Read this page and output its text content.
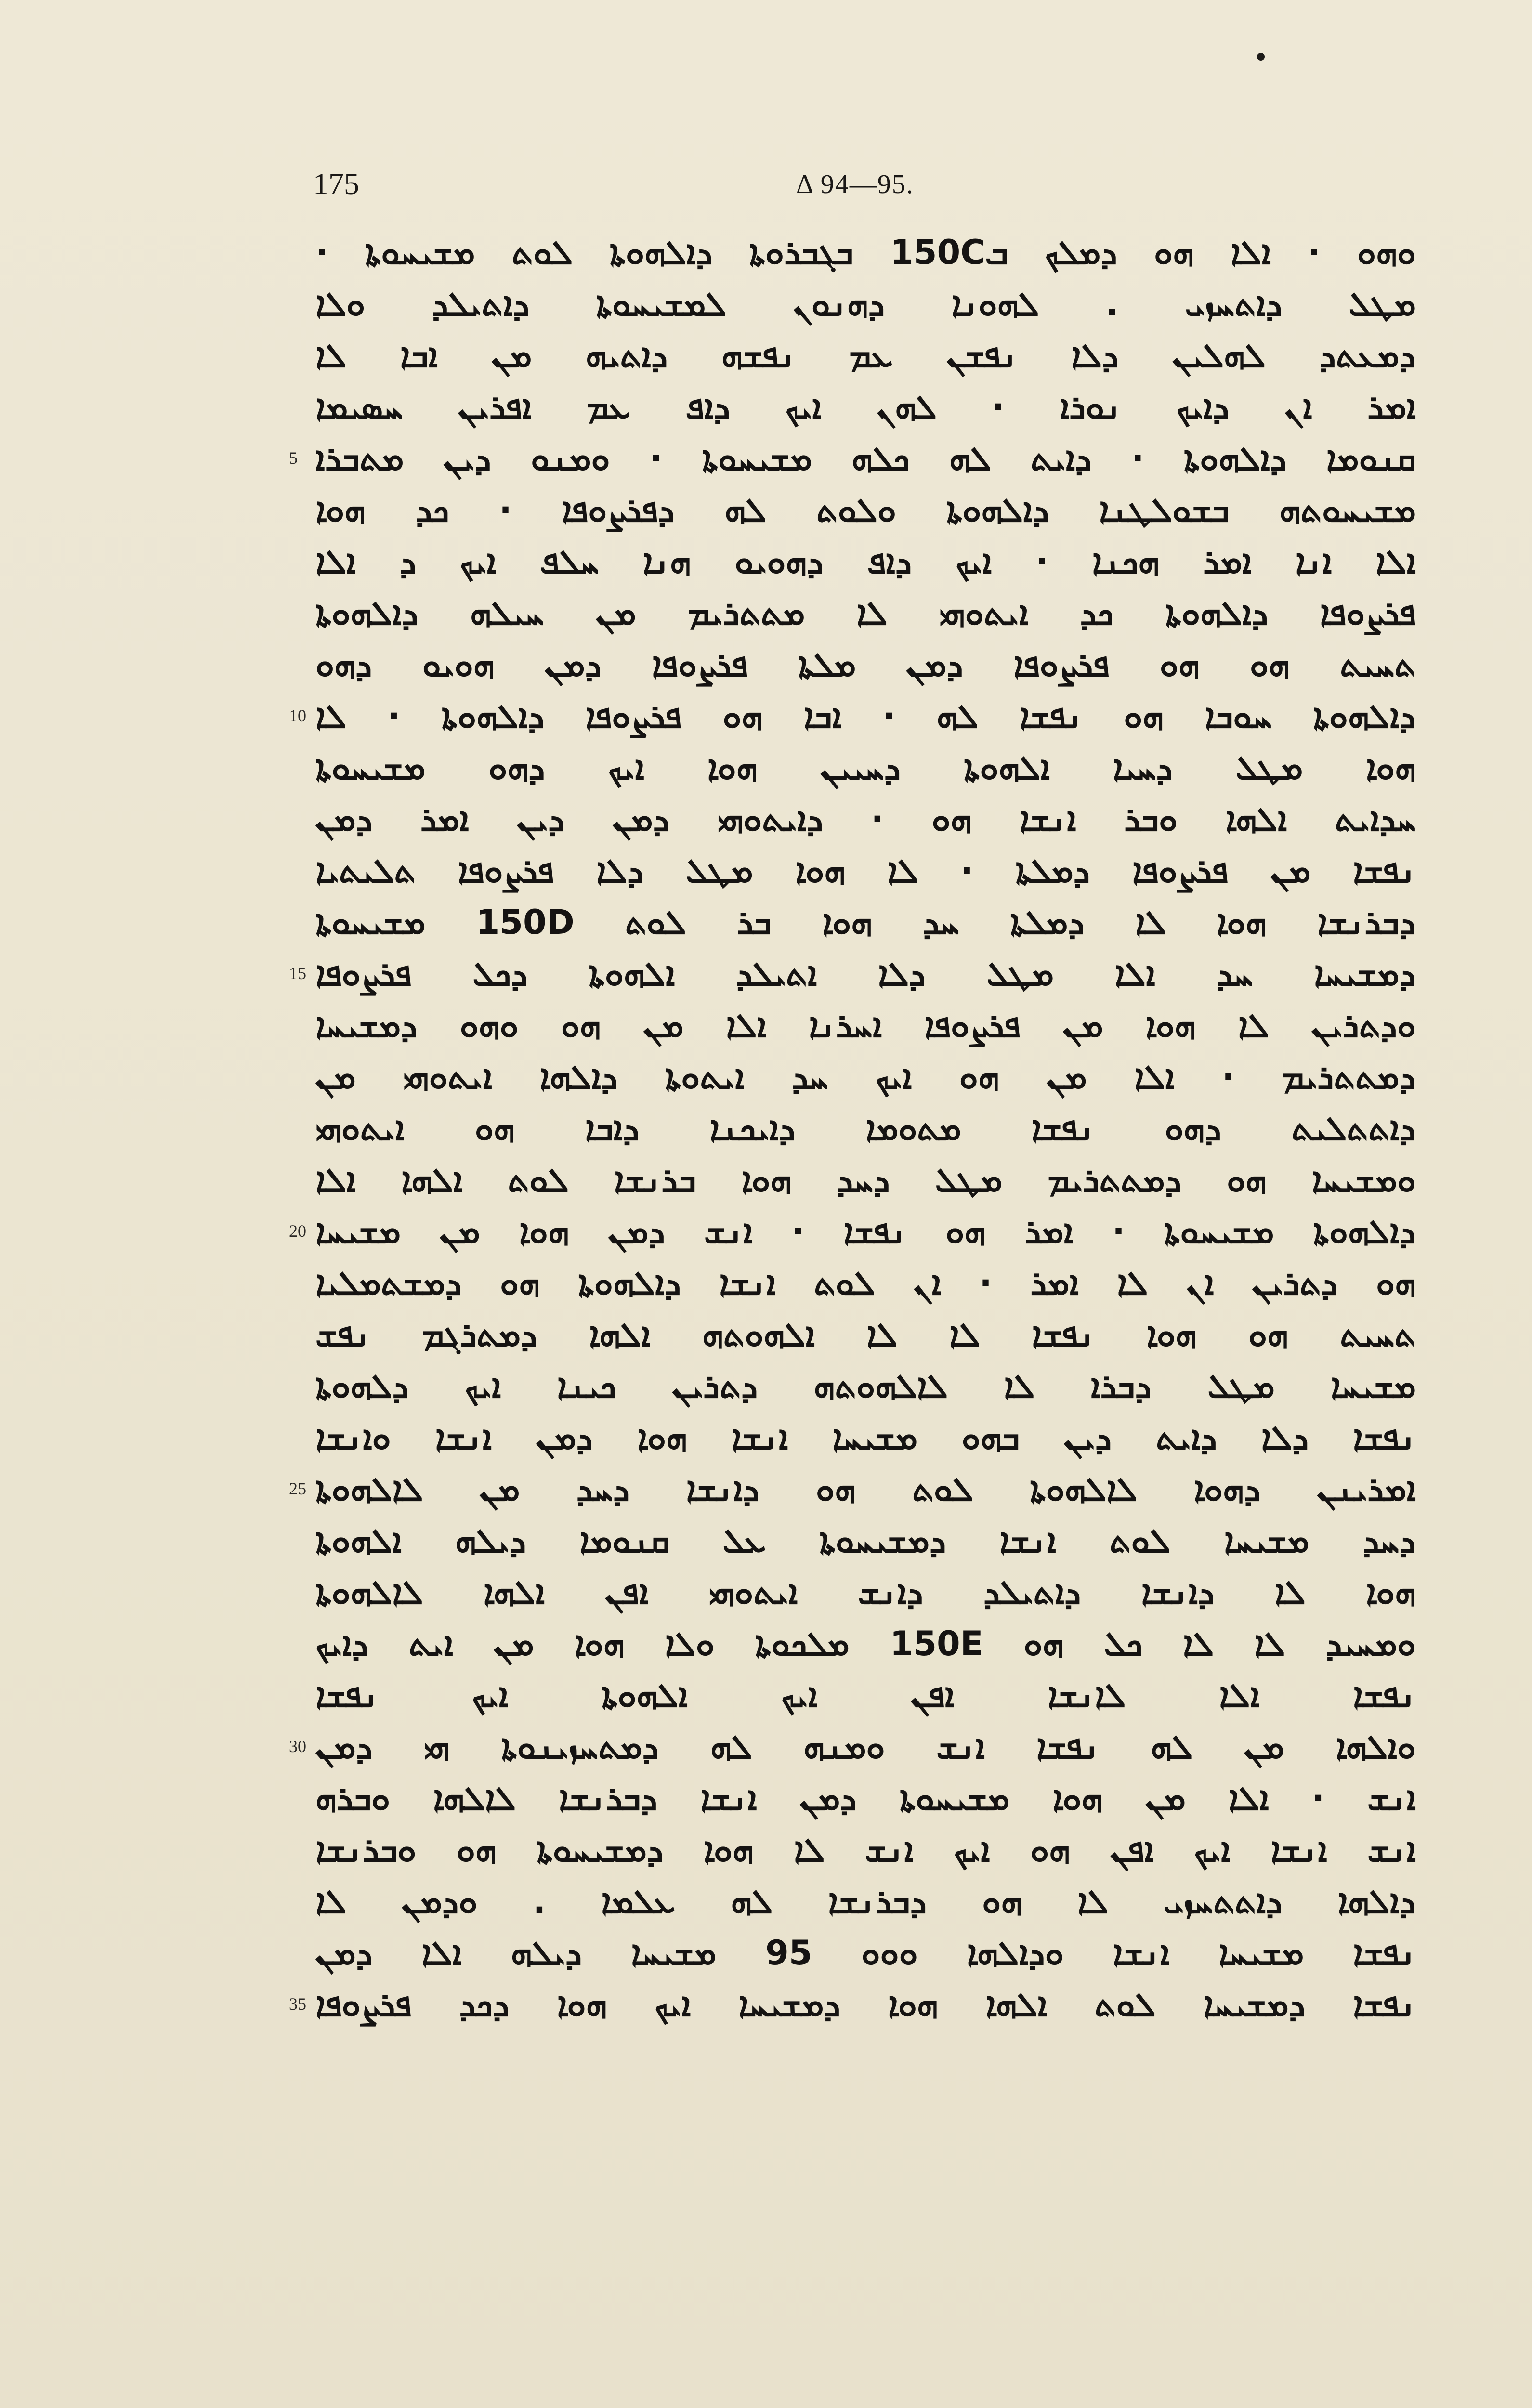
175	Δ 94—95.
ܘܗܘ · ܐܠܐ ܗܘ ܕܡܠܟ ܒ150C ܒܓܒܪܘܬܐ ܕܐܠܗܘܬܐ ܠܘܬ ܡܫܝܚܘܬܐ ·
ܡܛܠ ܕܐܬܚܙܝ . ܠܗܘܢܐ ܕܗܢܘܢ ܠܡܫܝܚܘܬܐ ܕܐܬܝܠܕ ܘܠܐ
ܕܡܥܬܕ ܠܗܠܝܢ ܕܠܐ ܢܦܫܢ ܥܡ ܢܦܫܗ ܕܐܬܝܗ ܡܢ ܐܒܐ ܠܐ
ܐܡܪ ܐܢ ܕܐܝܟ ܢܘܪܐ · ܠܗܢ ܐܝܟ ܕܐܦ ܥܡ ܐܦܪܝܢ ܚܣܝܡܐ
5 ܩܢܘܡܐ ܕܐܠܗܘܬܐ · ܕܐܝܬ ܠܗ ܟܠܗ ܡܫܝܚܘܬܐ · ܘܡܢܘ ܕܝܢ ܡܬܒܪܐ
ܡܫܝܚܘܬܗ ܒܫܘܠܛܢܐ ܕܐܠܗܘܬܐ ܘܠܘܬ ܠܗ ܕܦܪܨܘܦܐ · ܟܕ ܗܘܐ
ܐܠܐ ܐܢܐ ܐܡܪ ܗܟܢܐ · ܐܝܟ ܕܐܦ ܕܗܘܝܘ ܗܢܐ ܚܠܦ ܐܝܟ ܕ ܐܠܐ
ܦܪܨܘܦܐ ܕܐܠܗܘܬܐ ܟܕ ܐܝܬܘܗܝ ܠܐ ܡܬܬܪܝܡ ܡܢ ܚܝܠܗ ܕܐܠܗܘܬܐ
ܬܚܝܬ ܗܘ ܗܘ ܦܪܨܘܦܐ ܕܡܢ ܡܠܬܐ ܦܪܨܘܦܐ ܕܡܢ ܗܘܝܘ ܕܗܘ
10 ܕܐܠܗܘܬܐ ܚܘܒܐ ܗܘ ܢܦܫܐ ܠܗ · ܐܒܐ ܗܘ ܦܪܨܘܦܐ ܕܐܠܗܘܬܐ · ܠܐ
ܗܘܐ ܡܛܠ ܕܚܝܐ ܐܠܗܘܬܐ ܕܚܝܝܢ ܗܘܐ ܐܝܟ ܕܗܘ ܡܫܝܚܘܬܐ
ܚܕܐܝܬ ܐܠܗܐ ܘܒܪ ܐܢܫܐ ܗܘ · ܕܐܝܬܘܗܝ ܕܡܢ ܕܝܢ ܐܡܪ ܕܡܢ
ܢܦܫܐ ܡܢ ܦܪܨܘܦܐ ܕܡܠܬܐ · ܠܐ ܗܘܐ ܡܛܠ ܕܠܐ ܦܪܨܘܦܐ ܬܠܝܬܝܐ
ܕܒܪܢܫܐ ܗܘܐ ܠܐ ܕܡܠܬܐ ܚܕ ܗܘܐ ܒܪ ܠܘܬ 150D ܡܫܝܚܘܬܐ
15 ܕܡܫܝܚܐ ܚܕ ܐܠܐ ܡܛܠ ܕܠܐ ܐܬܝܠܕ ܐܠܗܘܬܐ ܕܟܠ ܦܪܨܘܦܐ
ܘܕܬܪܝܢ ܠܐ ܗܘܐ ܡܢ ܦܪܨܘܦܐ ܐܚܪܢܐ ܐܠܐ ܡܢ ܗܘ ܘܗܘ ܕܡܫܝܚܐ
ܕܡܬܬܪܝܡ · ܐܠܐ ܡܢ ܗܘ ܐܝܟ ܚܕ ܐܝܬܘܬܐ ܕܐܠܗܐ ܐܝܬܘܗܝ ܡܢ
ܕܐܬܬܠܝܬ ܕܗܘ ܢܦܫܐ ܡܬܘܡܐ ܕܐܝܟܢܐ ܕܐܒܐ ܗܘ ܐܝܬܘܗܝ
ܘܡܫܝܚܐ ܗܘ ܕܡܬܬܪܝܡ ܡܛܠ ܕܚܕ ܗܘܐ ܒܪܢܫܐ ܠܘܬ ܐܠܗܐ ܐܠܐ
20 ܕܐܠܗܘܬܐ ܡܫܝܚܘܬܐ · ܐܡܪ ܗܘ ܢܦܫܐ · ܐܢܫ ܕܡܢ ܗܘܐ ܡܢ ܡܫܝܚܐ
ܗܘ ܕܬܪܝܢ ܐܢ ܠܐ ܐܡܪ · ܐܢ ܠܘܬ ܐܢܫܐ ܕܐܠܗܘܬܐ ܗܘ ܕܡܫܬܡܠܝܐ
ܬܚܝܬ ܗܘ ܗܘܐ ܢܦܫܐ ܠܐ ܠܐ ܐܠܗܘܬܗ ܐܠܗܐ ܕܡܬܪܓܡ ܢܦܫ
ܡܫܝܚܐ ܡܛܠ ܕܒܪܐ ܠܐ ܠܐܠܗܘܬܗ ܕܬܪܝܢ ܟܝܢܐ ܐܝܟ ܕܠܗܘܬܐ
ܢܦܫܐ ܕܠܐ ܕܐܝܬ ܕܝܢ ܒܗܘ ܡܫܝܚܐ ܐܢܫܐ ܗܘܐ ܕܡܢ ܐܢܫܐ ܘܐܢܫܐ
25 ܐܡܪܝܢܢ ܕܗܘܐ ܠܐܠܗܘܬܐ ܠܘܬ ܗܘ ܕܐܢܫܐ ܕܚܕ ܡܢ ܠܐܠܗܘܬܐ
ܕܚܕ ܡܫܝܚܐ ܠܘܬ ܐܢܫܐ ܕܡܫܝܚܘܬܐ ܥܠ ܩܢܘܡܐ ܕܝܠܗ ܐܠܗܘܬܐ
ܗܘܐ ܠܐ ܕܐܢܫܐ ܕܐܬܝܠܕ ܕܐܢܫ ܐܝܬܘܗܝ ܐܦܢ ܐܠܗܐ ܠܐܠܗܘܬܐ
ܘܡܚܝܕ ܠܐ ܠܐ ܟܠ ܗܘ 150E ܡܠܟܘܬܐ ܘܠܐ ܗܘܐ ܡܢ ܐܝܬ ܕܐܝܟ
ܢܦܫܐ ܐܠܐ ܠܐܢܫܐ ܐܦܢ ܐܝܟ ܐܠܗܘܬܐ ܐܝܟ ܢܦܫܐ
30 ܘܐܠܗܐ ܡܢ ܠܗ ܢܦܫܐ ܐܢܫ ܘܡܢܗ ܠܗ ܕܡܬܚܙܝܢܘܬܐ ܗܝ ܕܡܢ
ܐܢܫ · ܐܠܐ ܡܢ ܗܘܐ ܡܫܝܚܘܬܐ ܕܡܢ ܐܢܫܐ ܕܒܪܢܫܐ ܠܐܠܗܐ ܘܒܪܗ
ܐܢܫ ܐܢܫܐ ܐܝܟ ܐܦܢ ܗܘ ܐܝܟ ܐܢܫ ܠܐ ܗܘܐ ܕܡܫܝܚܘܬܐ ܗܘ ܘܒܪܢܫܐ
ܕܐܠܗܐ ܕܐܬܬܚܙܝ ܠܐ ܗܘ ܕܒܪܢܫܐ ܠܗ ܥܠܡܐ . ܘܕܡܢ ܠܐ
ܢܦܫܐ ܡܫܝܚܐ ܐܢܫܐ ܘܕܐܠܗܐ ܘܘܘ 95 ܡܫܝܚܐ ܕܝܠܗ ܐܠܐ ܕܡܢ
35 ܢܦܫܐ ܕܡܫܝܚܐ ܠܘܬ ܐܠܗܐ ܗܘܐ ܕܡܫܝܚܐ ܐܝܟ ܗܘܐ ܕܟܕ ܦܪܨܘܦܐ
